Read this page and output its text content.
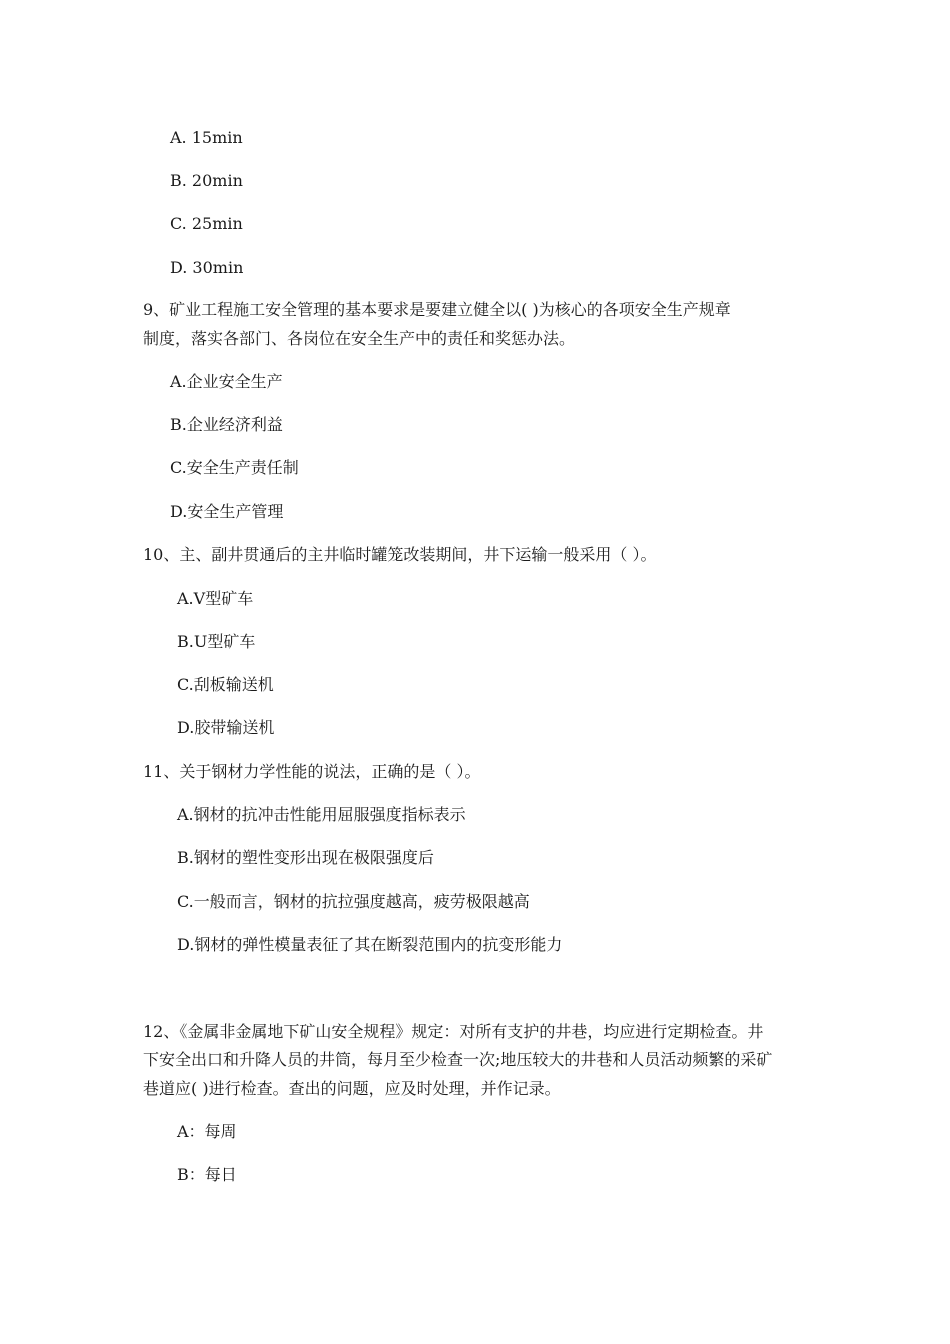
A. 15min
B. 20min
C. 25min
D. 30min
9、矿业工程施工安全管理的基本要求是要建立健全以( )为核心的各项安全生产规章
制度，落实各部门、各岗位在安全生产中的责任和奖惩办法。
A.企业安全生产
B.企业经济利益
C.安全生产责任制
D.安全生产管理
10、主、副井贯通后的主井临时罐笼改装期间，井下运输一般采用（ ）。
A.V型矿车
B.U型矿车
C.刮板输送机
D.胶带输送机
11、关于钢材力学性能的说法，正确的是（ ）。
A.钢材的抗冲击性能用屈服强度指标表示
B.钢材的塑性变形出现在极限强度后
C.一般而言，钢材的抗拉强度越高，疲劳极限越高
D.钢材的弹性模量表征了其在断裂范围内的抗变形能力
12、《金属非金属地下矿山安全规程》规定：对所有支护的井巷，均应进行定期检查。井
下安全出口和升降人员的井筒，每月至少检查一次;地压较大的井巷和人员活动频繁的采矿
巷道应( )进行检查。查出的问题，应及时处理，并作记录。
A：每周
B：每日
